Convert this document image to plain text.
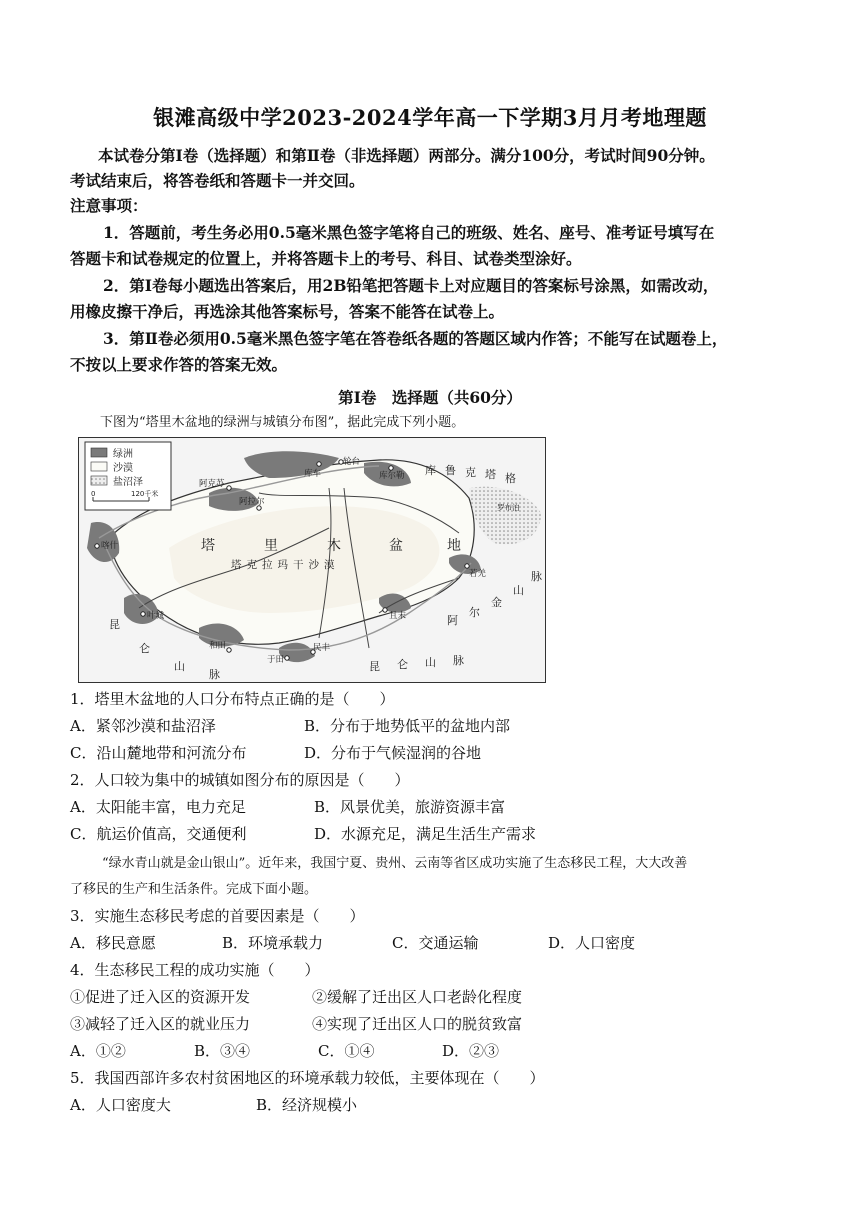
银滩高级中学2023-2024学年高一下学期3月月考地理题
本试卷分第Ⅰ卷（选择题）和第Ⅱ卷（非选择题）两部分。满分100分，考试时间90分钟。
考试结束后，将答卷纸和答题卡一并交回。
注意事项：
1．答题前，考生务必用0.5毫米黑色签字笔将自己的班级、姓名、座号、准考证号填写在
答题卡和试卷规定的位置上，并将答题卡上的考号、科目、试卷类型涂好。
2．第Ⅰ卷每小题选出答案后，用2B铅笔把答题卡上对应题目的答案标号涂黑，如需改动，
用橡皮擦干净后，再选涂其他答案标号，答案不能答在试卷上。
3．第Ⅱ卷必须用0.5毫米黑色签字笔在答卷纸各题的答题区域内作答；不能写在试题卷上，
不按以上要求作答的答案无效。
第Ⅰ卷　选择题（共60分）
下图为“塔里木盆地的绿洲与城镇分布图”，据此完成下列小题。
绿洲
沙漠
盐沼泽
0	120千米
塔	里	木	盆	地
塔克拉玛干沙漠
阿克苏
库车
轮台
库尔勒
阿拉尔
喀什
叶城
和田
于田
民丰
且末
若羌
罗布泊
库 鲁 克 塔 格
阿
尔
金
山
脉
昆
仑
山
脉
昆 仑 山 脉
1．塔里木盆地的人口分布特点正确的是（　　）
A．紧邻沙漠和盐沼泽	B．分布于地势低平的盆地内部
C．沿山麓地带和河流分布	D．分布于气候湿润的谷地
2．人口较为集中的城镇如图分布的原因是（　　）
A．太阳能丰富，电力充足	B．风景优美，旅游资源丰富
C．航运价值高，交通便利	D．水源充足，满足生活生产需求
“绿水青山就是金山银山”。近年来，我国宁夏、贵州、云南等省区成功实施了生态移民工程，大大改善
了移民的生产和生活条件。完成下面小题。
3．实施生态移民考虑的首要因素是（　　）
A．移民意愿	B．环境承载力	C．交通运输	D．人口密度
4．生态移民工程的成功实施（　　）
①促进了迁入区的资源开发	②缓解了迁出区人口老龄化程度
③减轻了迁入区的就业压力	④实现了迁出区人口的脱贫致富
A．①②	B．③④	C．①④	D．②③
5．我国西部许多农村贫困地区的环境承载力较低，主要体现在（　　）
A．人口密度大	B．经济规模小
